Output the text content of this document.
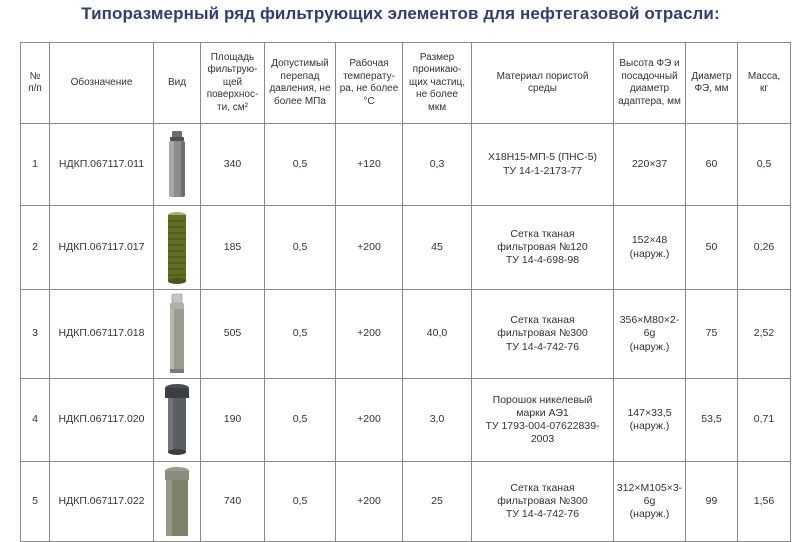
Типоразмерный ряд фильтрующих элементов для нефтегазовой отрасли:
№
п/п	Обозначение	Вид	Площадь
фильтрую-
щей
поверхнос-
ти, см²	Допустимый
перепад
давления, не
более МПа	Рабочая
температу-
ра, не более
°С	Размер
проникаю-
щих частиц,
не более
мкм	Материал пористой
среды	Высота ФЭ и
посадочный
диаметр
адаптера, мм	Диаметр
ФЭ, мм	Масса,
кг
1	НДКП.067117.011		340	0,5	+120	0,3	Х18Н15-МП-5 (ПНС-5)
ТУ 14-1-2173-77	220×37	60	0,5
2	НДКП.067117.017		185	0,5	+200	45	Сетка тканая
фильтровая №120
ТУ 14-4-698-98	152×48 (наруж.)	50	0,26
3	НДКП.067117.018		505	0,5	+200	40,0	Сетка тканая
фильтровая №300
ТУ 14-4-742-76	356×М80×2-6g
(наруж.)	75	2,52
4	НДКП.067117.020		190	0,5	+200	3,0	Порошок никелевый
марки АЭ1
ТУ 1793-004-07622839-
2003	147×33,5
(наруж.)	53,5	0,71
5	НДКП.067117.022		740	0,5	+200	25	Сетка тканая
фильтровая №300
ТУ 14-4-742-76	312×М105×3-6g
(наруж.)	99	1,56
